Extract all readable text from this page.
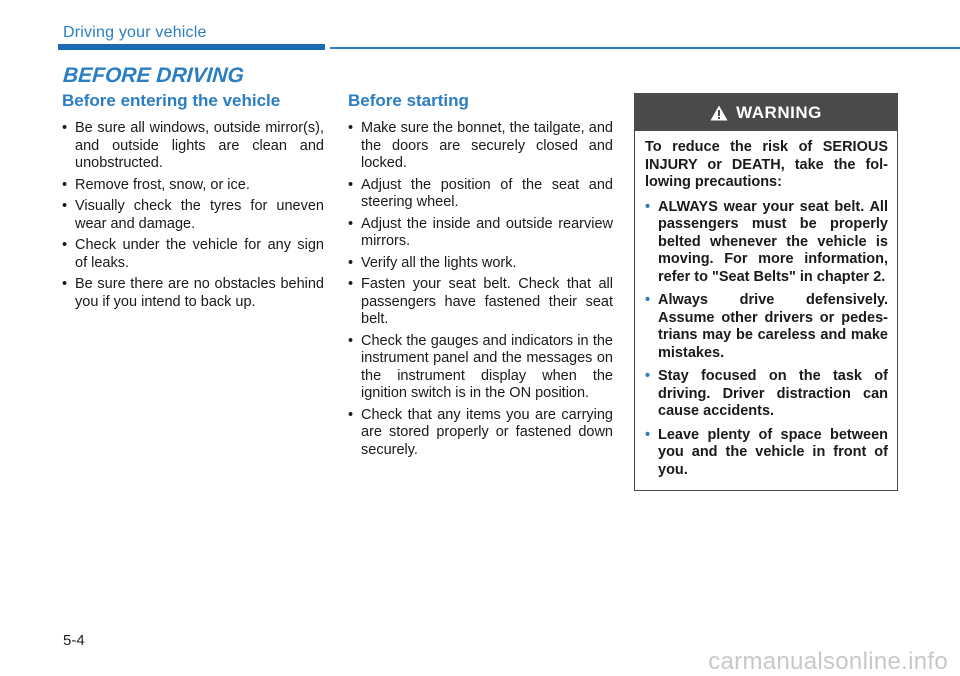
Driving your vehicle
BEFORE DRIVING
Before entering the vehicle
• Be sure all windows, outside mirror(s), and outside lights are clean and unobstructed.
• Remove frost, snow, or ice.
• Visually check the tyres for uneven wear and damage.
• Check under the vehicle for any sign of leaks.
• Be sure there are no obstacles behind you if you intend to back up.
Before starting
• Make sure the bonnet, the tailgate, and the doors are securely closed and locked.
• Adjust the position of the seat and steering wheel.
• Adjust the inside and outside rearview mirrors.
• Verify all the lights work.
• Fasten your seat belt. Check that all passengers have fastened their seat belt.
• Check the gauges and indicators in the instrument panel and the messages on the instrument display when the ignition switch is in the ON position.
• Check that any items you are carrying are stored properly or fastened down securely.
WARNING

To reduce the risk of SERIOUS INJURY or DEATH, take the following precautions:

• ALWAYS wear your seat belt. All passengers must be properly belted whenever the vehicle is moving. For more information, refer to "Seat Belts" in chapter 2.
• Always drive defensively. Assume other drivers or pedestrians may be careless and make mistakes.
• Stay focused on the task of driving. Driver distraction can cause accidents.
• Leave plenty of space between you and the vehicle in front of you.

5-4

carmanualsonline.info
